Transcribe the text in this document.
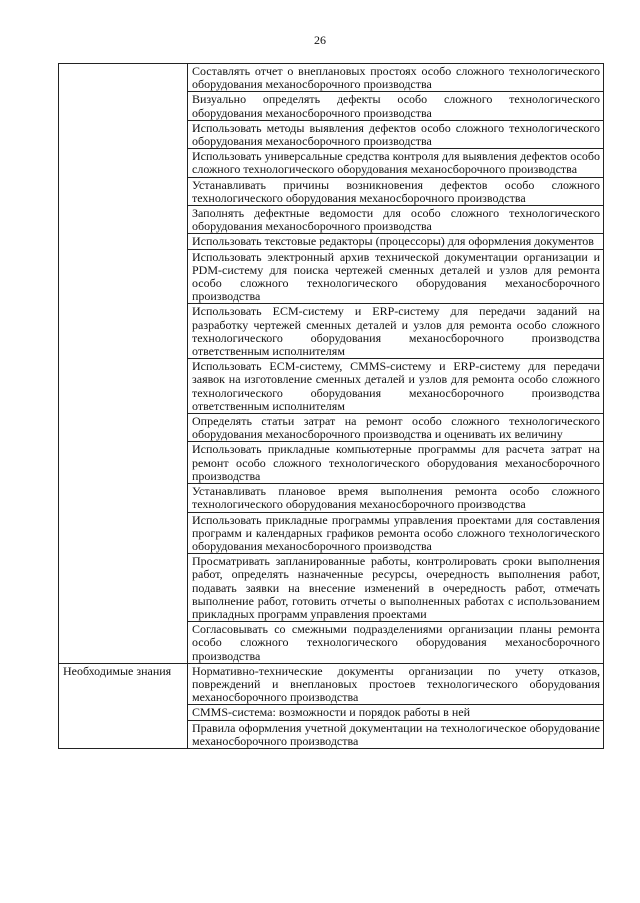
26

	Составлять отчет о внеплановых простоях особо сложного технологического оборудования механосборочного производства

	Визуально определять дефекты особо сложного технологического оборудования механосборочного производства

	Использовать методы выявления дефектов особо сложного технологического оборудования механосборочного производства

	Использовать универсальные средства контроля для выявления дефектов особо сложного технологического оборудования механосборочного производства

	Устанавливать причины возникновения дефектов особо сложного технологического оборудования механосборочного производства

	Заполнять дефектные ведомости для особо сложного технологического оборудования механосборочного производства

	Использовать текстовые редакторы (процессоры) для оформления документов

	Использовать электронный архив технической документации организации и PDM-систему для поиска чертежей сменных деталей и узлов для ремонта особо сложного технологического оборудования механосборочного производства

	Использовать ECM-систему и ERP-систему для передачи заданий на разработку чертежей сменных деталей и узлов для ремонта особо сложного технологического оборудования механосборочного производства ответственным исполнителям

	Использовать ECM-систему, CMMS-систему и ERP-систему для передачи заявок на изготовление сменных деталей и узлов для ремонта особо сложного технологического оборудования механосборочного производства ответственным исполнителям

	Определять статьи затрат на ремонт особо сложного технологического оборудования механосборочного производства и оценивать их величину

	Использовать прикладные компьютерные программы для расчета затрат на ремонт особо сложного технологического оборудования механосборочного производства

	Устанавливать плановое время выполнения ремонта особо сложного технологического оборудования механосборочного производства

	Использовать прикладные программы управления проектами для составления программ и календарных графиков ремонта особо сложного технологического оборудования механосборочного производства

	Просматривать запланированные работы, контролировать сроки выполнения работ, определять назначенные ресурсы, очередность выполнения работ, подавать заявки на внесение изменений в очередность работ, отмечать выполнение работ, готовить отчеты о выполненных работах с использованием прикладных программ управления проектами

	Согласовывать со смежными подразделениями организации планы ремонта особо сложного технологического оборудования механосборочного производства

Необходимые знания	Нормативно-технические документы организации по учету отказов, повреждений и внеплановых простоев технологического оборудования механосборочного производства

	CMMS-система: возможности и порядок работы в ней

	Правила оформления учетной документации на технологическое оборудование механосборочного производства
